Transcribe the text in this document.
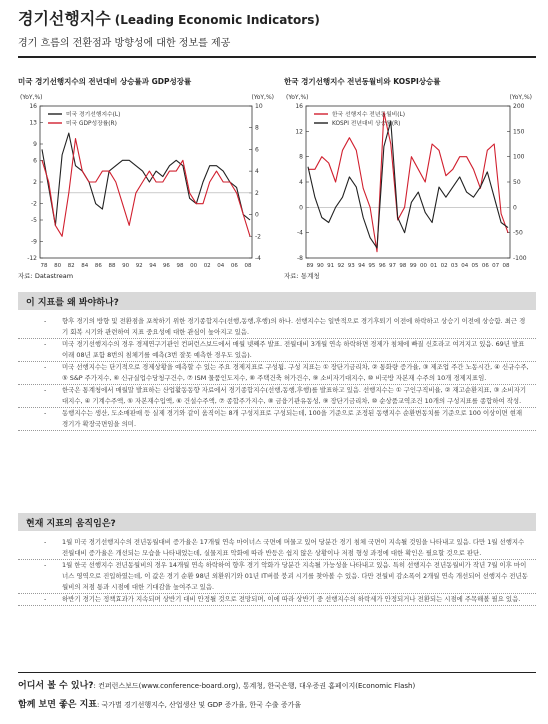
경기선행지수 (Leading Economic Indicators)
경기 흐름의 전환점과 방향성에 대한 정보를 제공
미국 경기선행지수의 전년대비 상승률과 GDP성장률
(YoY,%)	(YoY,%)
16
13
9
6
2
-2
-5
-9
-12
10
8
6
4
2
0
-2
-4
78 80 82 84 86 88 90 92 94 96 98 00 02 04 06 08
미국 경기선행지수(L)
미국 GDP성장률(R)
자료: Datastream
한국 경기선행지수 전년동월비와 KOSPI상승률
(YoY,%)	(YoY,%)
16
12
8
4
0
-4
-8
200
150
100
50
0
-50
-100
89 90 91 92 93 94 95 96 97 98 99 00 01 02 03 04 05 06 07 08
한국 선행지수 전년동월비(L)
KOSPI 전년대비 상승률(R)
자료: 통계청
이 지표를 왜 봐야하나?
- 향후 경기의 방향 및 전환점을 포착하기 위한 경기종합지수(선행,동행,후행)의 하나. 선행지수는 일반적으로 경기후퇴기 이전에 하락하고 상승기 이전에 상승함. 최근 경기 회복 시기와 관련하여 지표 중요성에 대한 관심이 높아지고 있음.
- 미국 경기선행지수의 경우 경제연구기관인 컨퍼런스보드에서 매월 넷째주 발표. 전월대비 3개월 연속 하락하면 경제가 침체에 빠질 신호라고 여겨지고 있음. 69년 발표이래 08년 포함 8번의 침체기를 예측(3번 잘못 예측한 경우도 있음).
- 미국 선행지수는 단기적으로 경제상황을 예측할 수 있는 주요 경제지표로 구성됨. 구성 지표는 ① 장단기금리차, ② 통화량 증가율, ③ 제조업 주간 노동시간, ④ 신규수주, ⑤ S&P 주가지수, ⑥ 신규실업수당청구건수, ⑦ ISM 물품인도지수, ⑧ 주택건축 허가건수, ⑨ 소비자기대지수, ⑩ 비국방 자본재 수주의 10개 경제지표임.
- 한국은 통계청에서 매월말 발표하는 산업활동동향 자료에서 경기종합지수(선행,동행,후행)를 발표하고 있음. 선행지수는 ① 구인구직비율, ② 재고순환지표, ③ 소비자기대지수, ④ 기계수주액, ⑤ 자본재수입액, ⑥ 건설수주액, ⑦ 종합주가지수, ⑧ 금융기관유동성, ⑨ 장단기금리차, ⑩ 순상품교역조건 10개의 구성지표를 종합하여 작성.
- 동행지수는 생산, 도소매판매 등 실제 경기와 같이 움직이는 8개 구성지표로 구성되는데, 100을 기준으로 조정된 동행지수 순환변동치를 기준으로 100 이상이면 현재 경기가 확장국면임을 의미.
현재 지표의 움직임은?
- 1월 미국 경기선행지수의 전년동월대비 증가율은 17개월 연속 마이너스 국면에 머물고 있어 당분간 경기 침체 국면이 지속될 것임을 나타내고 있음. 다만 1월 선행지수 전월대비 증가율은 개선되는 모습을 나타내었는데, 실물지표 악화에 따라 반등은 쉽지 않은 상황이나 저점 형성 과정에 대한 확인은 필요할 것으로 판단.
- 1월 한국 선행지수 전년동월비의 경우 14개월 연속 하락하여 향후 경기 악화가 당분간 지속될 가능성을 나타내고 있음. 특히 선행지수 전년동월비가 작년 7월 이후 마이너스 영역으로 진입하였는데, 이 값은 경기 순환 98년 외환위기와 01년 IT버블 붕괴 시기를 찾아볼 수 있음. 다만 전월비 감소폭이 2개월 연속 개선되어 선행지수 전년동월비의 저점 통과 시점에 대한 기대감을 높여주고 있음.
- 하반기 경기는 정책효과가 지속되며 상반기 대비 안정될 것으로 전망되며, 이에 따라 상반기 중 선행지수의 하락세가 안정되거나 전환되는 시점에 주목해볼 필요 있음.
어디서 볼 수 있나?: 컨퍼런스보드(www.conference-board.org), 통계청, 한국은행, 대우증권 홈페이지(Economic Flash)
함께 보면 좋은 지표: 국가별 경기선행지수, 산업생산 및 GDP 증가율, 한국 수출 증가율
